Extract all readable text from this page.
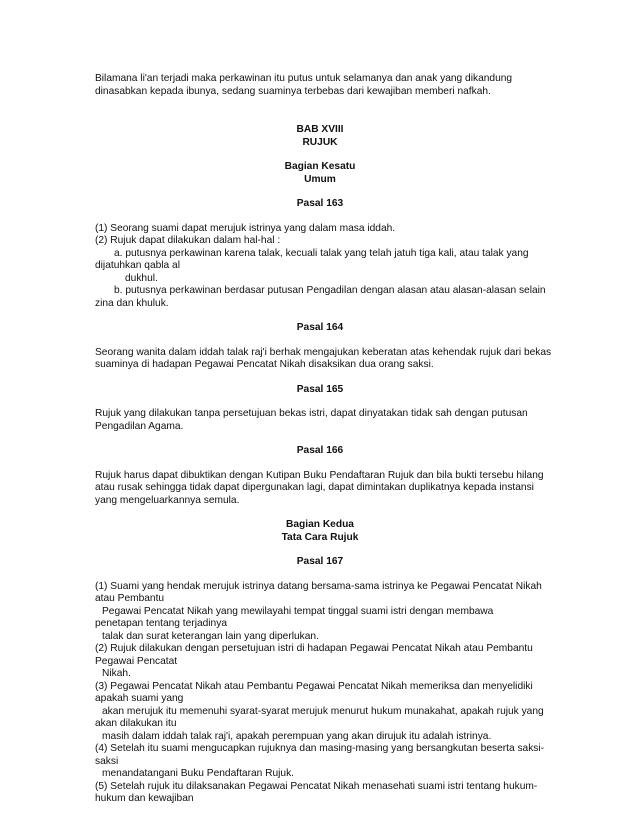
Bilamana li'an terjadi maka perkawinan itu putus untuk selamanya dan anak yang dikandung
dinasabkan kepada ibunya, sedang suaminya terbebas dari kewajiban memberi nafkah.
BAB XVIII
RUJUK
Bagian Kesatu
Umum
Pasal 163
(1) Seorang suami dapat merujuk istrinya yang dalam masa iddah.
(2) Rujuk dapat dilakukan dalam hal-hal :
a. putusnya perkawinan karena talak, kecuali talak yang telah jatuh tiga kali, atau talak yang
dijatuhkan qabla al
dukhul.
b. putusnya perkawinan berdasar putusan Pengadilan dengan alasan atau alasan-alasan selain
zina dan khuluk.
Pasal 164
Seorang wanita dalam iddah talak raj'i berhak mengajukan keberatan atas kehendak rujuk dari bekas
suaminya di hadapan Pegawai Pencatat Nikah disaksikan dua orang saksi.
Pasal 165
Rujuk yang dilakukan tanpa persetujuan bekas istri, dapat dinyatakan tidak sah dengan putusan
Pengadilan Agama.
Pasal 166
Rujuk harus dapat dibuktikan dengan Kutipan Buku Pendaftaran Rujuk dan bila bukti tersebu hilang
atau rusak sehingga tidak dapat dipergunakan lagi, dapat dimintakan duplikatnya kepada instansi
yang mengeluarkannya semula.
Bagian Kedua
Tata Cara Rujuk
Pasal 167
(1) Suami yang hendak merujuk istrinya datang bersama-sama istrinya ke Pegawai Pencatat Nikah
atau Pembantu
Pegawai Pencatat Nikah yang mewilayahi tempat tinggal suami istri dengan membawa
penetapan tentang terjadinya
talak dan surat keterangan lain yang diperlukan.
(2) Rujuk dilakukan dengan persetujuan istri di hadapan Pegawai Pencatat Nikah atau Pembantu
Pegawai Pencatat
Nikah.
(3) Pegawai Pencatat Nikah atau Pembantu Pegawai Pencatat Nikah memeriksa dan menyelidiki
apakah suami yang
akan merujuk itu memenuhi syarat-syarat merujuk menurut hukum munakahat, apakah rujuk yang
akan dilakukan itu
masih dalam iddah talak raj'i, apakah perempuan yang akan dirujuk itu adalah istrinya.
(4) Setelah itu suami mengucapkan rujuknya dan masing-masing yang bersangkutan beserta saksi-
saksi
menandatangani Buku Pendaftaran Rujuk.
(5) Setelah rujuk itu dilaksanakan Pegawai Pencatat Nikah menasehati suami istri tentang hukum-
hukum dan kewajiban
